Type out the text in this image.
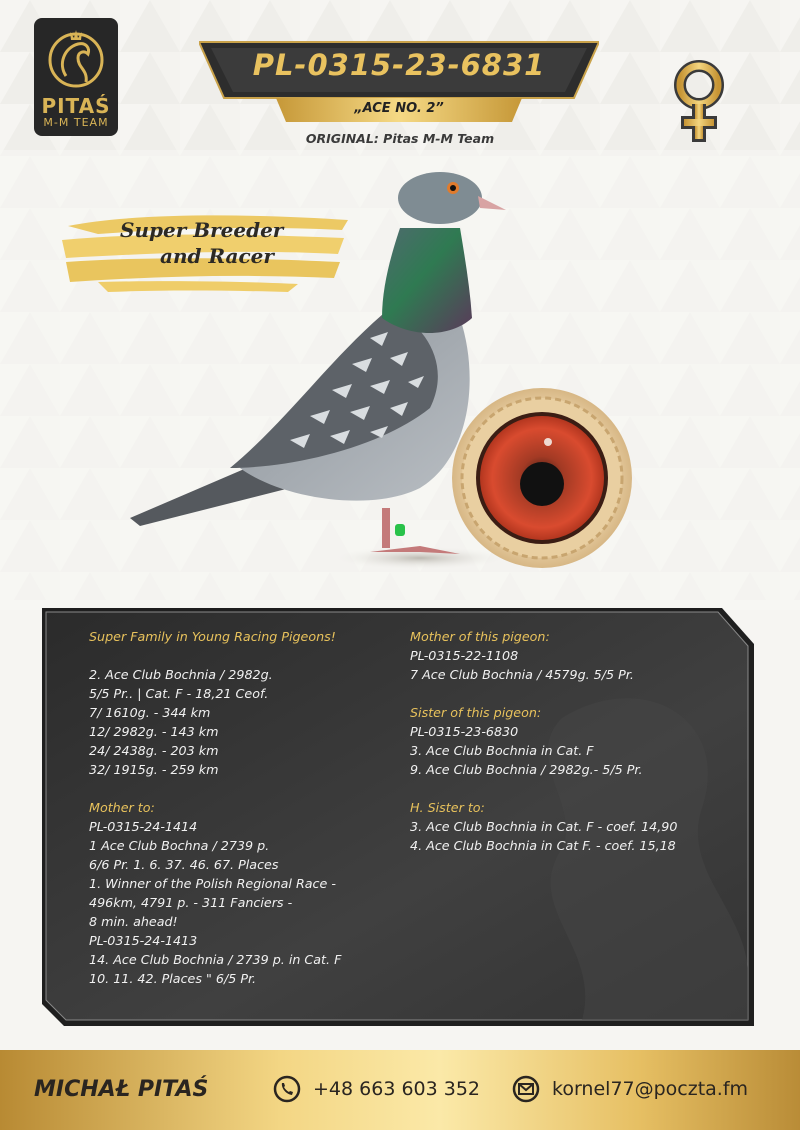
PITAŚ
M-M TEAM
PL-0315-23-6831
„ACE NO. 2”
ORIGINAL: Pitas M-M Team
Super Breeder
and Racer
Super Family in Young Racing Pigeons!
2. Ace Club Bochnia / 2982g.
5/5 Pr.. | Cat. F - 18,21 Ceof.
7/ 1610g. - 344 km
12/ 2982g. - 143 km
24/ 2438g. - 203 km
32/ 1915g. - 259 km
Mother to:
PL-0315-24-1414
1 Ace Club Bochna / 2739 p.
6/6 Pr. 1. 6. 37. 46. 67. Places
1. Winner of the Polish Regional Race -
496km, 4791 p. - 311 Fanciers -
8 min. ahead!
PL-0315-24-1413
14. Ace Club Bochnia / 2739 p. in Cat. F
10. 11. 42. Places " 6/5 Pr.
Mother of this pigeon:
PL-0315-22-1108
7 Ace Club Bochnia / 4579g. 5/5 Pr.
Sister of this pigeon:
PL-0315-23-6830
3. Ace Club Bochnia in Cat. F
9. Ace Club Bochnia / 2982g.- 5/5 Pr.
H. Sister to:
3. Ace Club Bochnia in Cat. F - coef. 14,90
4. Ace Club Bochnia in Cat F. - coef. 15,18
MICHAŁ PITAŚ	+48 663 603 352	kornel77@poczta.fm
